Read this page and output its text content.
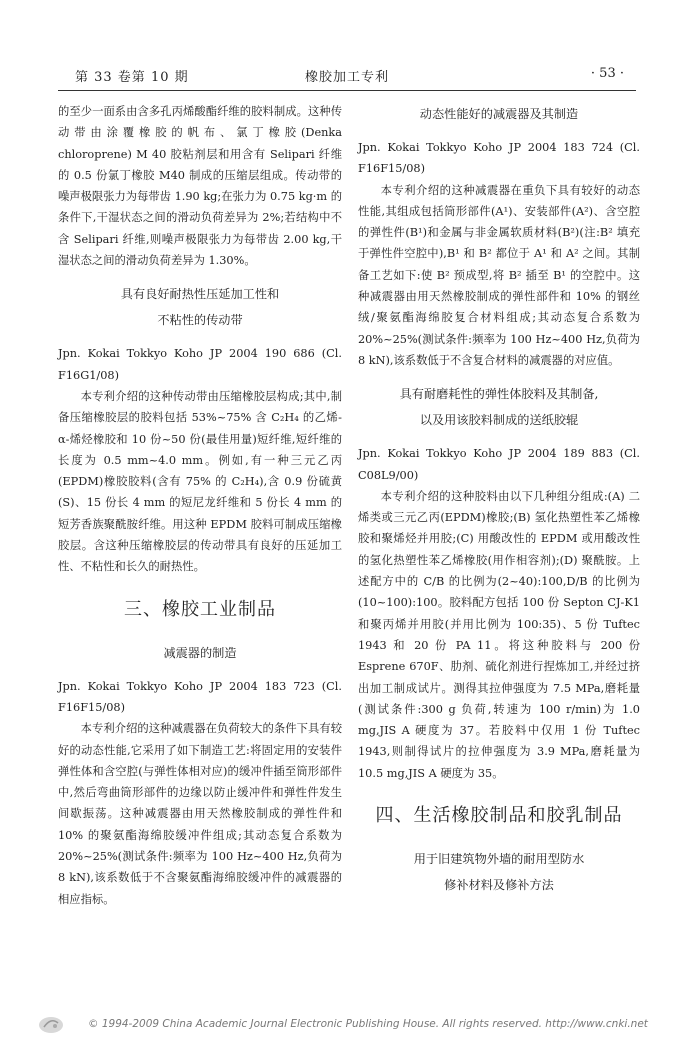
第 33 卷第 10 期	橡胶加工专利	· 53 ·

的至少一面系由含多孔丙烯酸酯纤维的胶料制成。这种传动带由涂覆橡胶的帆布、氯丁橡胶(Denka chloroprene) M 40 胶粘剂层和用含有 Selipari 纤维的 0.5 份氯丁橡胶 M40 制成的压缩层组成。传动带的噪声极限张力为每带齿 1.90 kg;在张力为 0.75 kg·m 的条件下,干湿状态之间的滑动负荷差异为 2%;若结构中不含 Selipari 纤维,则噪声极限张力为每带齿 2.00 kg,干湿状态之间的滑动负荷差异为 1.30%。

具有良好耐热性压延加工性和

不粘性的传动带

Jpn. Kokai Tokkyo Koho JP 2004 190 686 (Cl. F16G1/08)

本专利介绍的这种传动带由压缩橡胶层构成;其中,制备压缩橡胶层的胶料包括 53%~75% 含 C₂H₄ 的乙烯-α-烯烃橡胶和 10 份~50 份(最佳用量)短纤维,短纤维的长度为 0.5 mm~4.0 mm。例如,有一种三元乙丙(EPDM)橡胶胶料(含有 75% 的 C₂H₄),含 0.9 份硫黄(S)、15 份长 4 mm 的短尼龙纤维和 5 份长 4 mm 的短芳香族聚酰胺纤维。用这种 EPDM 胶料可制成压缩橡胶层。含这种压缩橡胶层的传动带具有良好的压延加工性、不粘性和长久的耐热性。

三、橡胶工业制品

减震器的制造

Jpn. Kokai Tokkyo Koho JP 2004 183 723 (Cl. F16F15/08)

本专利介绍的这种减震器在负荷较大的条件下具有较好的动态性能,它采用了如下制造工艺:将固定用的安装件弹性体和含空腔(与弹性体相对应)的缓冲件插至筒形部件中,然后弯曲筒形部件的边缘以防止缓冲件和弹性件发生间歇振荡。这种减震器由用天然橡胶制成的弹性件和 10% 的聚氨酯海绵胶缓冲件组成;其动态复合系数为 20%~25%(测试条件:频率为 100 Hz~400 Hz,负荷为 8 kN),该系数低于不含聚氨酯海绵胶缓冲件的减震器的相应指标。

动态性能好的减震器及其制造

Jpn. Kokai Tokkyo Koho JP 2004 183 724 (Cl. F16F15/08)

本专利介绍的这种减震器在重负下具有较好的动态性能,其组成包括筒形部件(A¹)、安装部件(A²)、含空腔的弹性件(B¹)和金属与非金属软质材料(B²)(注:B² 填充于弹性件空腔中),B¹ 和 B² 都位于 A¹ 和 A² 之间。其制备工艺如下:使 B² 预成型,将 B² 插至 B¹ 的空腔中。这种减震器由用天然橡胶制成的弹性部件和 10% 的钢丝绒/聚氨酯海绵胶复合材料组成;其动态复合系数为 20%~25%(测试条件:频率为 100 Hz~400 Hz,负荷为 8 kN),该系数低于不含复合材料的减震器的对应值。

具有耐磨耗性的弹性体胶料及其制备,

以及用该胶料制成的送纸胶辊

Jpn. Kokai Tokkyo Koho JP 2004 189 883 (Cl. C08L9/00)

本专利介绍的这种胶料由以下几种组分组成:(A) 二烯类或三元乙丙(EPDM)橡胶;(B) 氢化热塑性苯乙烯橡胶和聚烯烃并用胶;(C) 用酸改性的 EPDM 或用酸改性的氢化热塑性苯乙烯橡胶(用作相容剂);(D) 聚酰胺。上述配方中的 C/B 的比例为(2~40):100,D/B 的比例为(10~100):100。胶料配方包括 100 份 Septon CJ-K1 和聚丙烯并用胶(并用比例为 100:35)、5 份 Tuftec 1943 和 20 份 PA 11。将这种胶料与 200 份 Esprene 670F、肋剂、硫化剂进行捏炼加工,并经过挤出加工制成试片。测得其拉伸强度为 7.5 MPa,磨耗量(测试条件:300 g 负荷,转速为 100 r/min)为 1.0 mg,JIS A 硬度为 37。若胶料中仅用 1 份 Tuftec 1943,则制得试片的拉伸强度为 3.9 MPa,磨耗量为 10.5 mg,JIS A 硬度为 35。

四、生活橡胶制品和胶乳制品

用于旧建筑物外墙的耐用型防水

修补材料及修补方法

© 1994-2009 China Academic Journal Electronic Publishing House. All rights reserved. http://www.cnki.net
